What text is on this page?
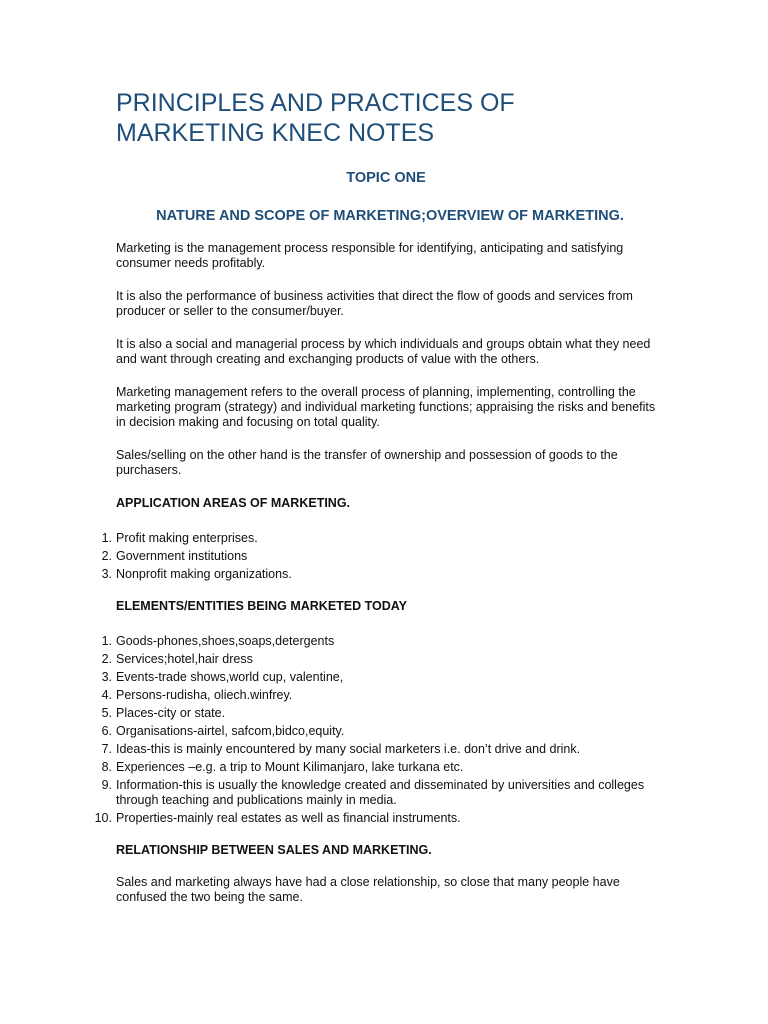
PRINCIPLES AND PRACTICES OF
MARKETING KNEC NOTES
TOPIC ONE
NATURE AND SCOPE OF MARKETING;OVERVIEW OF MARKETING.

Marketing is the management process responsible for identifying, anticipating and satisfying consumer needs profitably.

It is also the performance of business activities that direct the flow of goods and services from producer or seller to the consumer/buyer.

It is also a social and managerial process by which individuals and groups obtain what they need and want through creating and exchanging products of value with the others.

Marketing management refers to the overall process of planning, implementing, controlling the marketing program (strategy) and individual marketing functions; appraising the risks and benefits in decision making and focusing on total quality.

Sales/selling on the other hand is the transfer of ownership and possession of goods to the purchasers.

APPLICATION AREAS OF MARKETING.
1. Profit making enterprises.
2. Government institutions
3. Nonprofit making organizations.
ELEMENTS/ENTITIES BEING MARKETED TODAY
1. Goods-phones,shoes,soaps,detergents
2. Services;hotel,hair dress
3. Events-trade shows,world cup, valentine,
4. Persons-rudisha, oliech.winfrey.
5. Places-city or state.
6. Organisations-airtel, safcom,bidco,equity.
7. Ideas-this is mainly encountered by many social marketers i.e. don’t drive and drink.
8. Experiences –e.g. a trip to Mount Kilimanjaro, lake turkana etc.
9. Information-this is usually the knowledge created and disseminated by universities and colleges through teaching and publications mainly in media.
10. Properties-mainly real estates as well as financial instruments.
RELATIONSHIP BETWEEN SALES AND MARKETING.

Sales and marketing always have had a close relationship, so close that many people have confused the two being the same.
